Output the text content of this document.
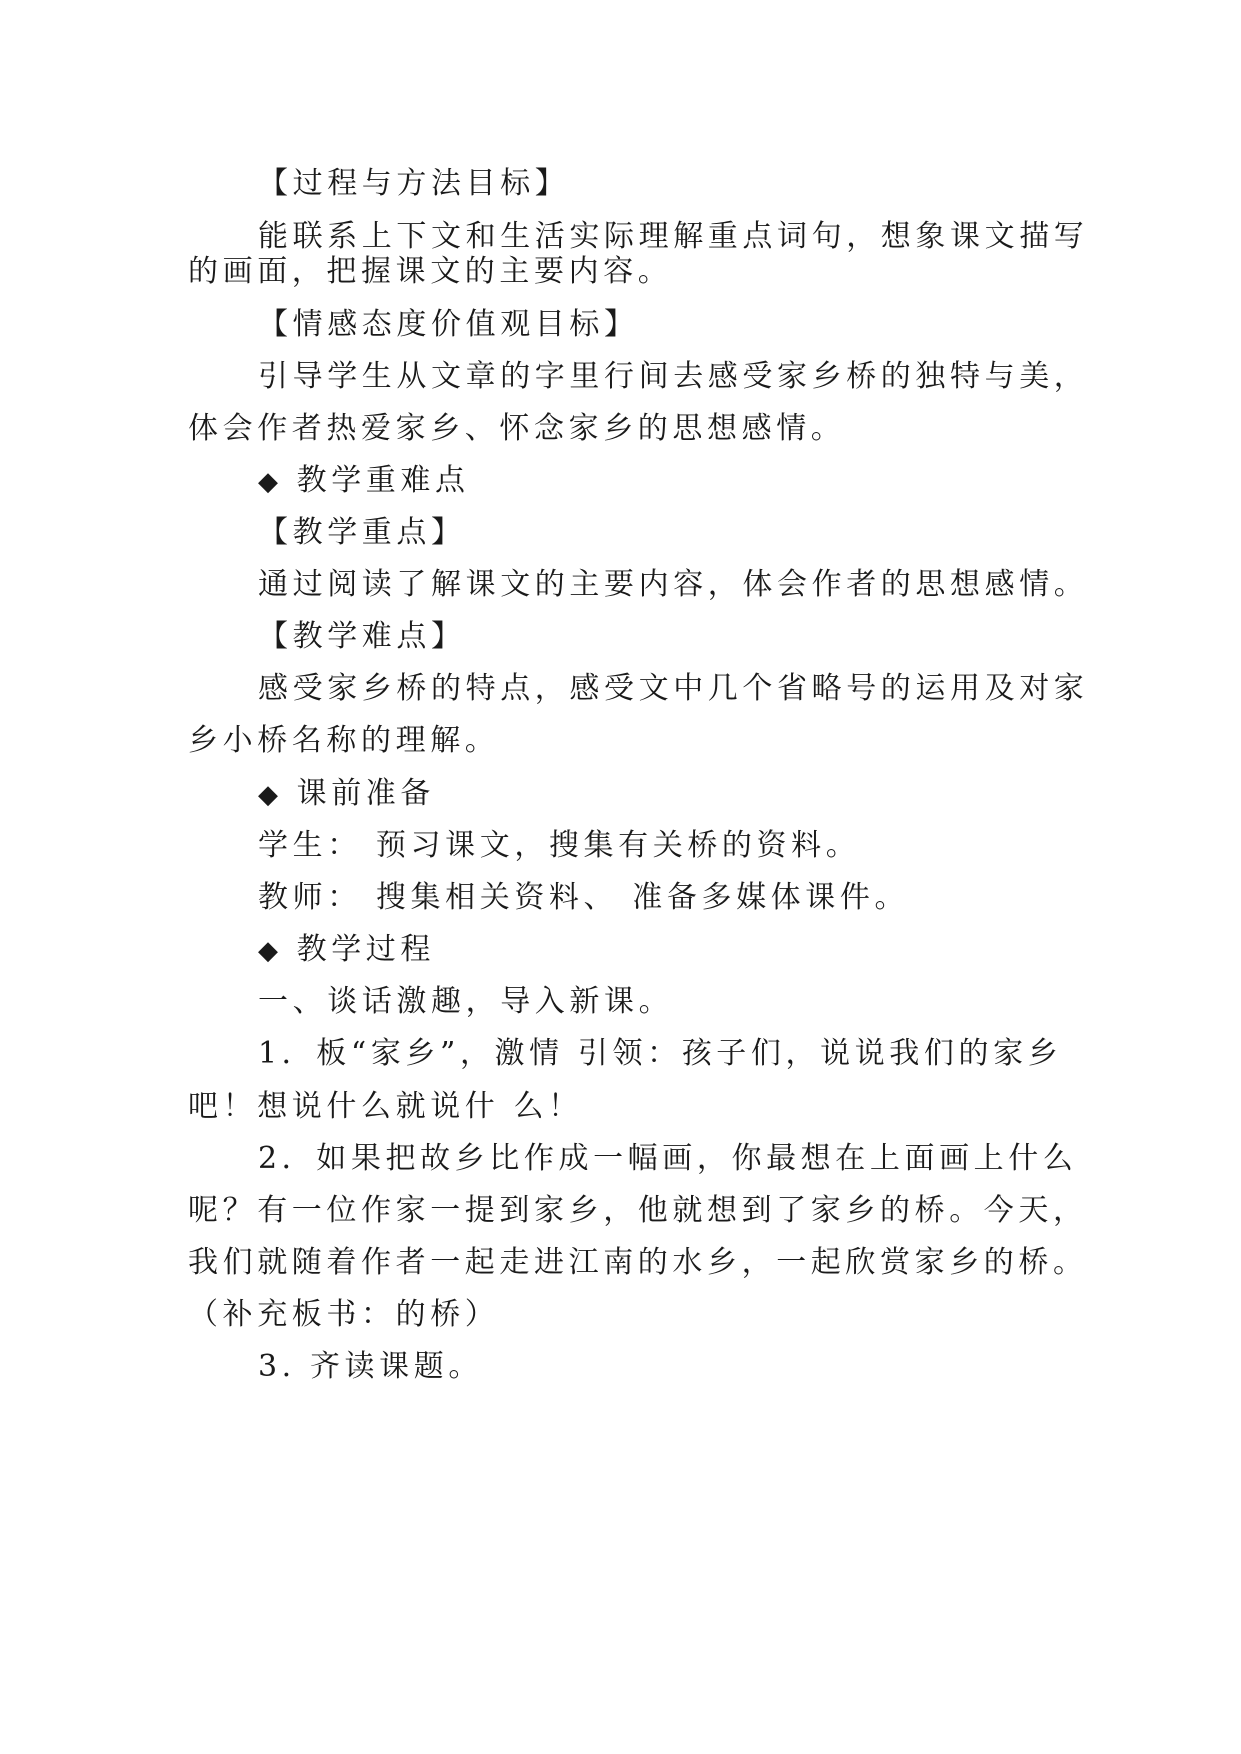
【过程与方法目标】
能联系上下文和生活实际理解重点词句，想象课文描写
的画面，把握课文的主要内容。
【情感态度价值观目标】
引导学生从文章的字里行间去感受家乡桥的独特与美，
体会作者热爱家乡、怀念家乡的思想感情。
◆ 教学重难点
【教学重点】
通过阅读了解课文的主要内容，体会作者的思想感情。
【教学难点】
感受家乡桥的特点，感受文中几个省略号的运用及对家
乡小桥名称的理解。
◆ 课前准备
学生： 预习课文，搜集有关桥的资料。
教师： 搜集相关资料、 准备多媒体课件。
◆ 教学过程
一、谈话激趣，导入新课。
1．板“家乡”，激情 引领：孩子们，说说我们的家乡
吧！想说什么就说什 么！
2．如果把故乡比作成一幅画，你最想在上面画上什么
呢？有一位作家一提到家乡，他就想到了家乡的桥。今天，
我们就随着作者一起走进江南的水乡，一起欣赏家乡的桥。
（补充板书：的桥）
3. 齐读课题。
